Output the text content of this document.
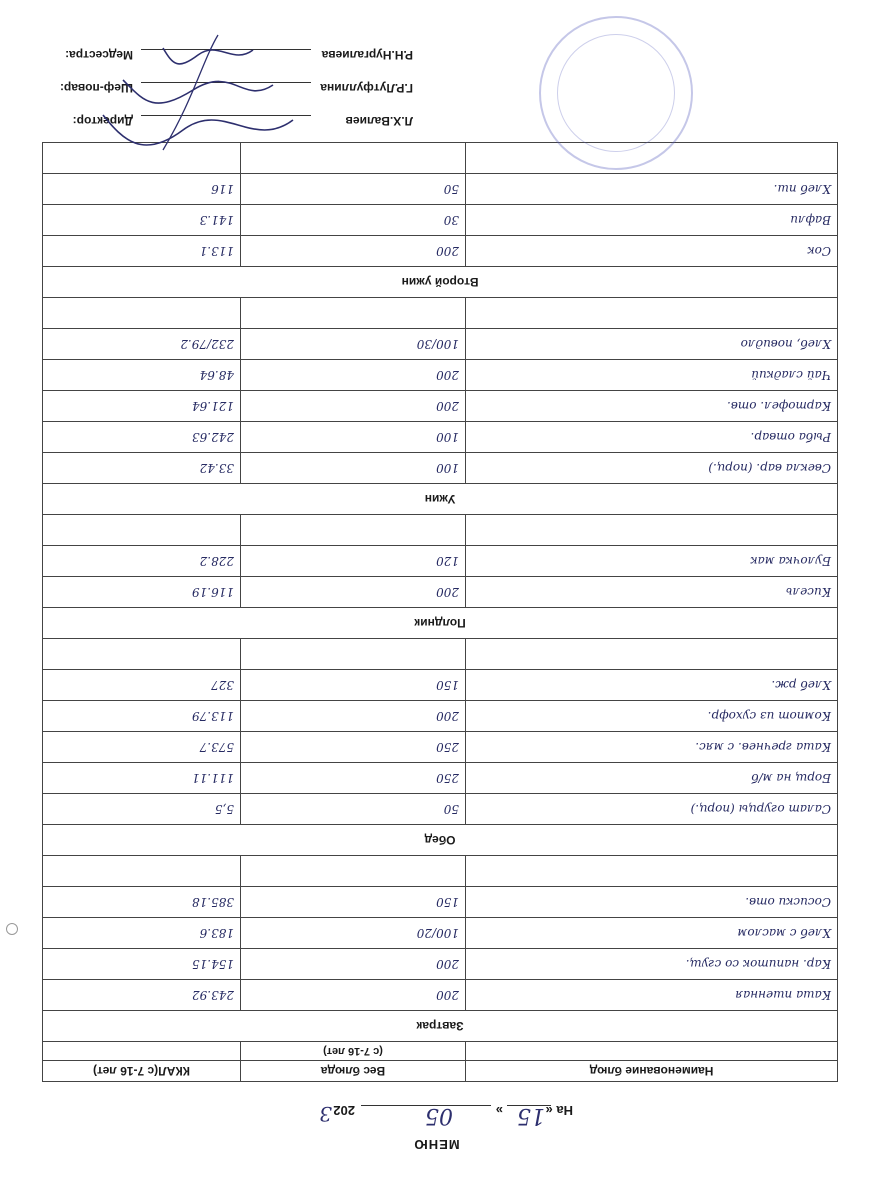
МЕНЮ
На «
15
»
05
202
3
Наименование блюд	Вес блюда	ККАЛ(с 7-16 лет)
	(с 7-16 лет)	
Завтрак		
Каша пшенная	200	243.92
Кар. напиток со сгущ.	200	154.15
Хлеб с маслом	100/20	183.6
Сосиски отв.	150	385.18

Обед		
Салат огурцы (порц.)	50	5,5
Борщ на м/б	250	111.11
Каша гречнев. с мяс.	250	573.7
Компот из сухофр.	200	113.79
Хлеб рж.	150	327

Полдник		
Кисель	200	116.19
Булочка мак	120	228.2

Ужин		
Свекла вар. (порц.)	100	33.42
Рыба отвар.	100	242.63
Картофел. отв.	200	121.64
Чай сладкий	200	48.64
Хлеб, повидло	100/30	232/79.2

Второй ужин		
Сок	200	113.1
Вафли	30	141.3
Хлеб пш.	50	116

Директор:	Л.Х.Валиев
Шеф-повар:	Г.Р.Лутфуллина
Медсестра:	Р.Н.Нургалиева
